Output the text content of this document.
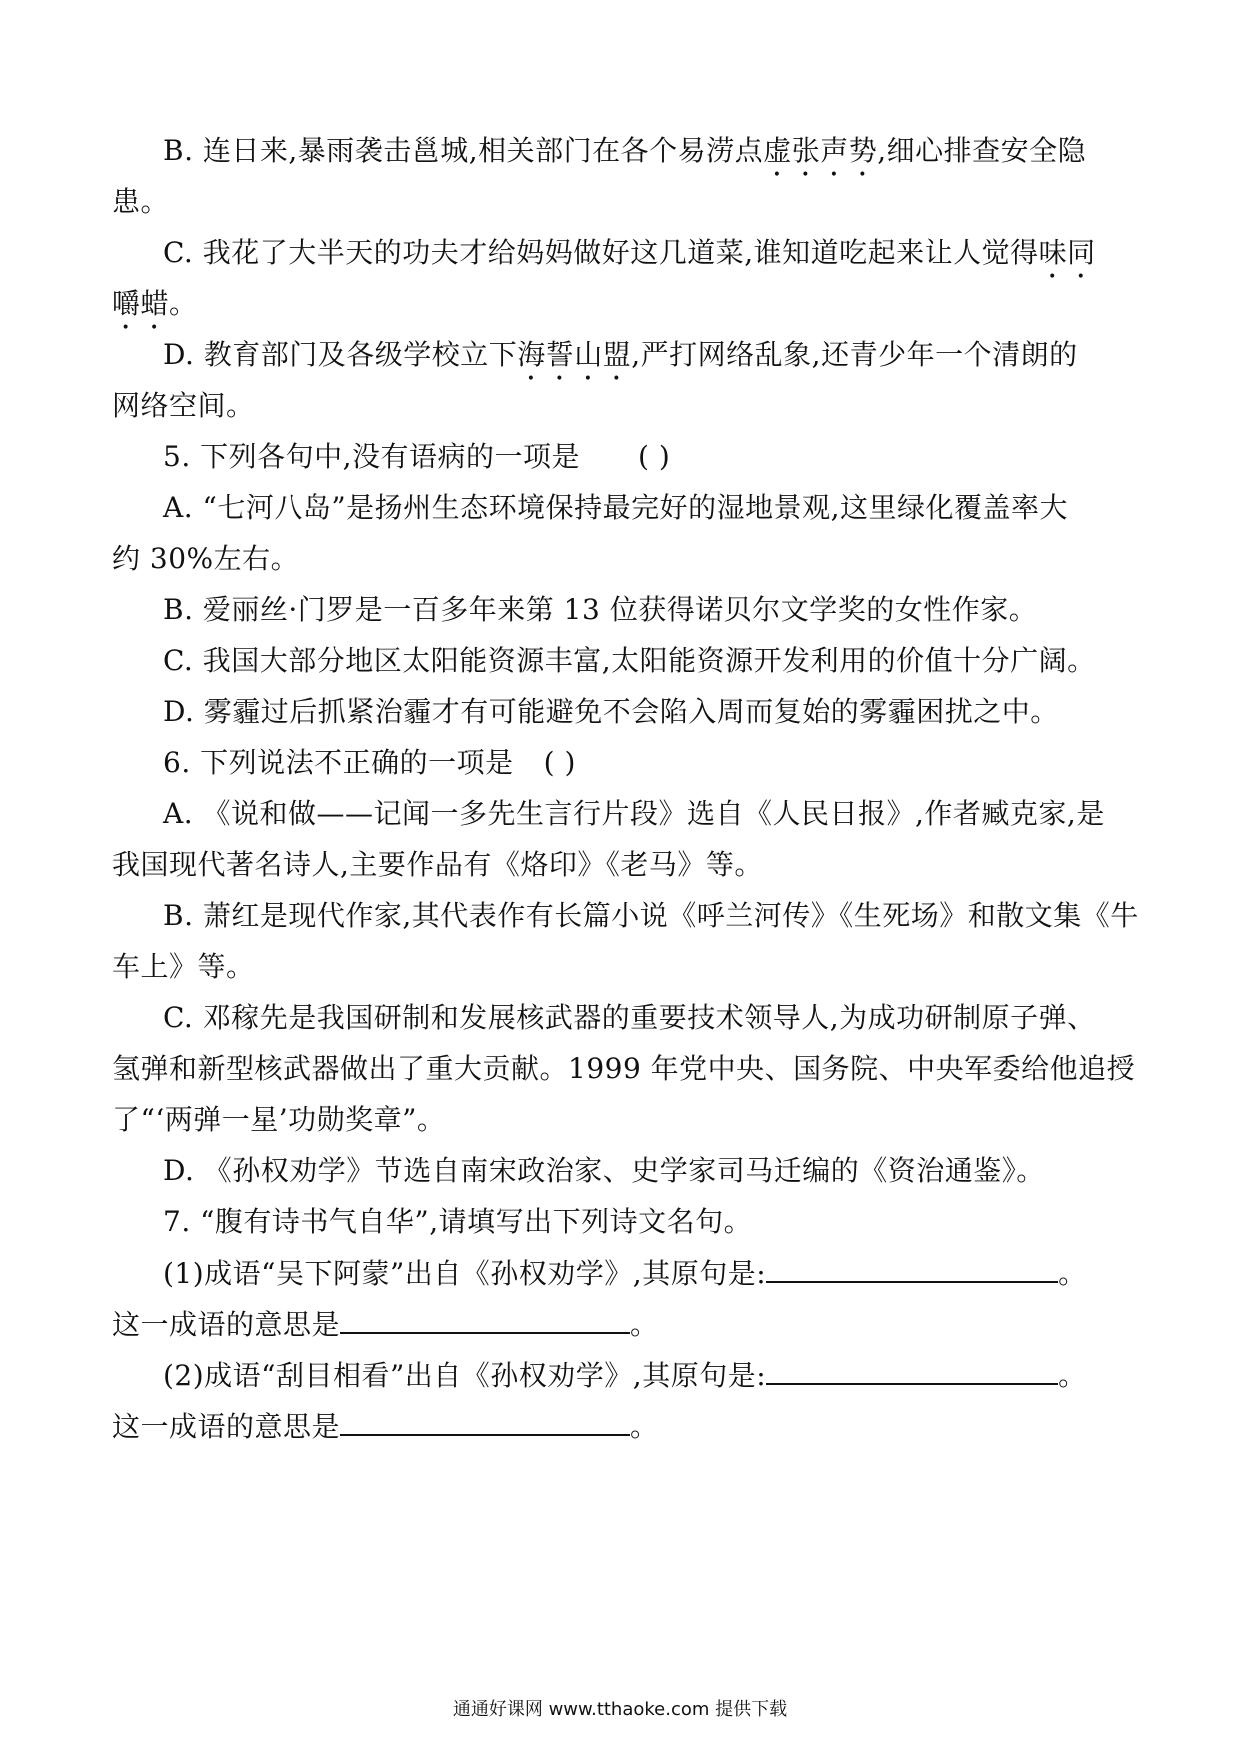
B. 连日来,暴雨袭击邕城,相关部门在各个易涝点虚张声势,细心排查安全隐
患。
C. 我花了大半天的功夫才给妈妈做好这几道菜,谁知道吃起来让人觉得味同
嚼蜡。
D. 教育部门及各级学校立下海誓山盟,严打网络乱象,还青少年一个清朗的
网络空间。
5. 下列各句中,没有语病的一项是 ( )
A. “七河八岛”是扬州生态环境保持最完好的湿地景观,这里绿化覆盖率大
约 30%左右。
B. 爱丽丝·门罗是一百多年来第 13 位获得诺贝尔文学奖的女性作家。
C. 我国大部分地区太阳能资源丰富,太阳能资源开发利用的价值十分广阔。
D. 雾霾过后抓紧治霾才有可能避免不会陷入周而复始的雾霾困扰之中。
6. 下列说法不正确的一项是 ( )
A. 《说和做——记闻一多先生言行片段》选自《人民日报》,作者臧克家,是
我国现代著名诗人,主要作品有《烙印》《老马》等。
B. 萧红是现代作家,其代表作有长篇小说《呼兰河传》《生死场》和散文集《牛
车上》等。
C. 邓稼先是我国研制和发展核武器的重要技术领导人,为成功研制原子弹、
氢弹和新型核武器做出了重大贡献。1999 年党中央、国务院、中央军委给他追授
了“‘两弹一星’功勋奖章”。
D. 《孙权劝学》节选自南宋政治家、史学家司马迁编的《资治通鉴》。
7. “腹有诗书气自华”,请填写出下列诗文名句。
(1)成语“吴下阿蒙”出自《孙权劝学》,其原句是:	。
这一成语的意思是	。
(2)成语“刮目相看”出自《孙权劝学》,其原句是:	。
这一成语的意思是	。
通通好课网 www.tthaoke.com 提供下载
